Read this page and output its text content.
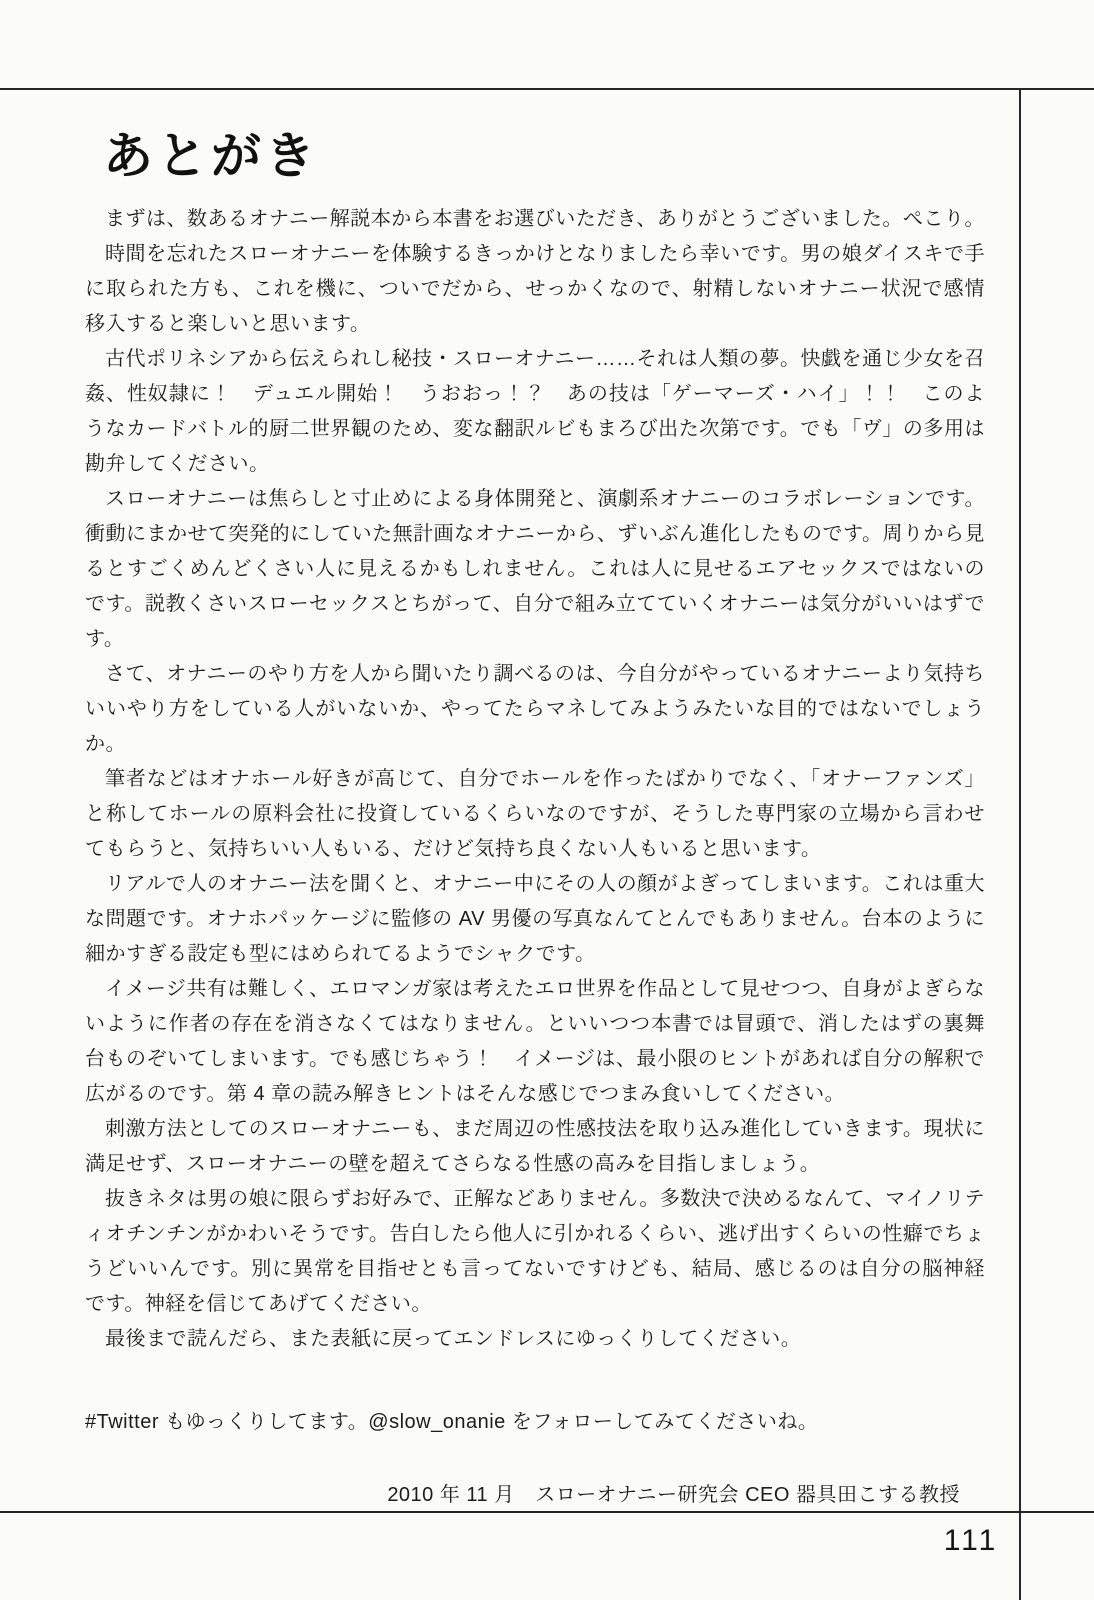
あとがき

まずは、数あるオナニー解説本から本書をお選びいただき、ありがとうございました。ぺこり。

時間を忘れたスローオナニーを体験するきっかけとなりましたら幸いです。男の娘ダイスキで手に取られた方も、これを機に、ついでだから、せっかくなので、射精しないオナニー状況で感情移入すると楽しいと思います。

古代ポリネシアから伝えられし秘技・スローオナニー……それは人類の夢。快戯を通じ少女を召姦、性奴隷に！　デュエル開始！　うおおっ！？　あの技は「ゲーマーズ・ハイ」！！　このようなカードバトル的厨二世界観のため、変な翻訳ルビもまろび出た次第です。でも「ヴ」の多用は勘弁してください。

スローオナニーは焦らしと寸止めによる身体開発と、演劇系オナニーのコラボレーションです。衝動にまかせて突発的にしていた無計画なオナニーから、ずいぶん進化したものです。周りから見るとすごくめんどくさい人に見えるかもしれません。これは人に見せるエアセックスではないのです。説教くさいスローセックスとちがって、自分で組み立てていくオナニーは気分がいいはずです。

さて、オナニーのやり方を人から聞いたり調べるのは、今自分がやっているオナニーより気持ちいいやり方をしている人がいないか、やってたらマネしてみようみたいな目的ではないでしょうか。

筆者などはオナホール好きが高じて、自分でホールを作ったばかりでなく、「オナーファンズ」と称してホールの原料会社に投資しているくらいなのですが、そうした専門家の立場から言わせてもらうと、気持ちいい人もいる、だけど気持ち良くない人もいると思います。

リアルで人のオナニー法を聞くと、オナニー中にその人の顔がよぎってしまいます。これは重大な問題です。オナホパッケージに監修の AV 男優の写真なんてとんでもありません。台本のように細かすぎる設定も型にはめられてるようでシャクです。

イメージ共有は難しく、エロマンガ家は考えたエロ世界を作品として見せつつ、自身がよぎらないように作者の存在を消さなくてはなりません。といいつつ本書では冒頭で、消したはずの裏舞台ものぞいてしまいます。でも感じちゃう！　イメージは、最小限のヒントがあれば自分の解釈で広がるのです。第 4 章の読み解きヒントはそんな感じでつまみ食いしてください。

刺激方法としてのスローオナニーも、まだ周辺の性感技法を取り込み進化していきます。現状に満足せず、スローオナニーの壁を超えてさらなる性感の高みを目指しましょう。

抜きネタは男の娘に限らずお好みで、正解などありません。多数決で決めるなんて、マイノリティオチンチンがかわいそうです。告白したら他人に引かれるくらい、逃げ出すくらいの性癖でちょうどいいんです。別に異常を目指せとも言ってないですけども、結局、感じるのは自分の脳神経です。神経を信じてあげてください。

最後まで読んだら、また表紙に戻ってエンドレスにゆっくりしてください。

#Twitter もゆっくりしてます。@slow_onanie をフォローしてみてくださいね。

2010 年 11 月　スローオナニー研究会 CEO 器具田こする教授

111
